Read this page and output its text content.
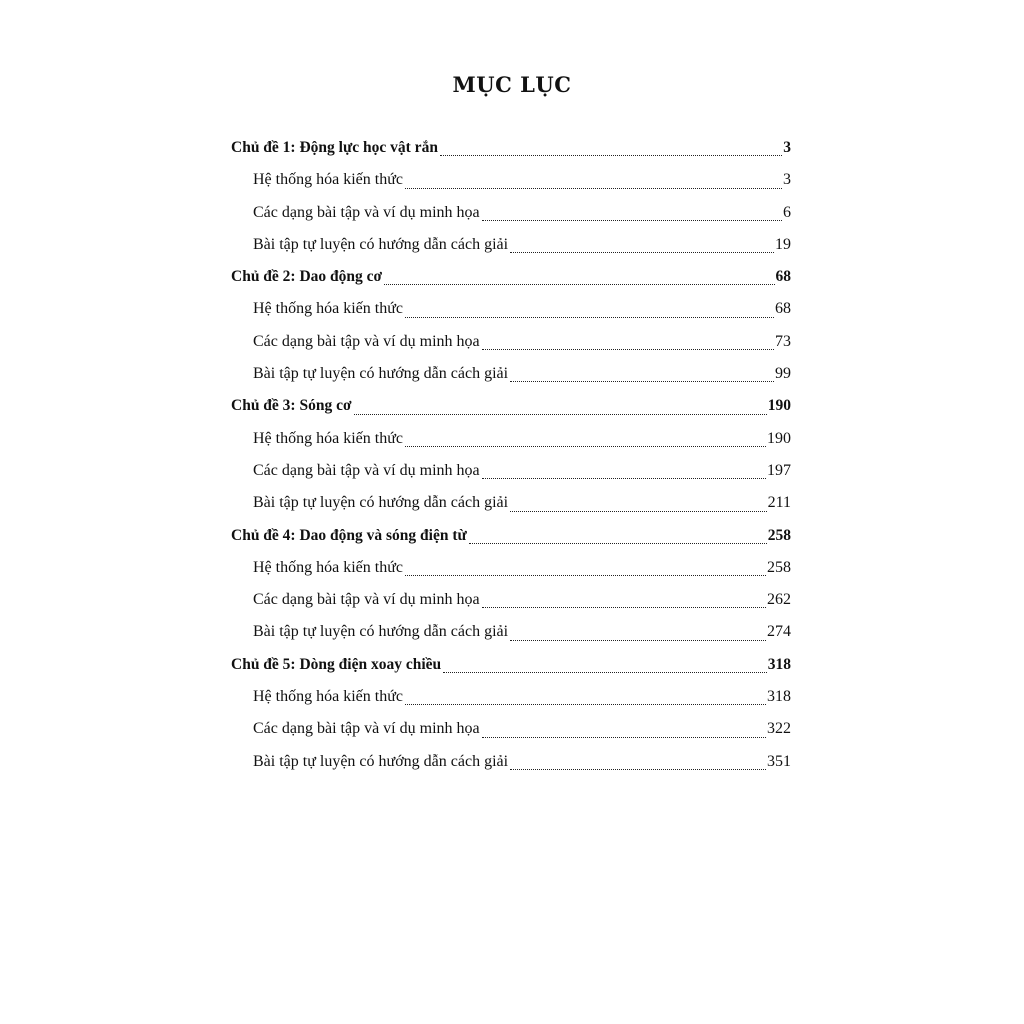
MỤC LỤC
Chủ đề 1: Động lực học vật rắn	3
Hệ thống hóa kiến thức	3
Các dạng bài tập và ví dụ minh họa	6
Bài tập tự luyện có hướng dẫn cách giải	19
Chủ đề 2: Dao động cơ	68
Hệ thống hóa kiến thức	68
Các dạng bài tập và ví dụ minh họa	73
Bài tập tự luyện có hướng dẫn cách giải	99
Chủ đề 3: Sóng cơ	190
Hệ thống hóa kiến thức	190
Các dạng bài tập và ví dụ minh họa	197
Bài tập tự luyện có hướng dẫn cách giải	211
Chủ đề 4: Dao động và sóng điện từ	258
Hệ thống hóa kiến thức	258
Các dạng bài tập và ví dụ minh họa	262
Bài tập tự luyện có hướng dẫn cách giải	274
Chủ đề 5: Dòng điện xoay chiều	318
Hệ thống hóa kiến thức	318
Các dạng bài tập và ví dụ minh họa	322
Bài tập tự luyện có hướng dẫn cách giải	351
